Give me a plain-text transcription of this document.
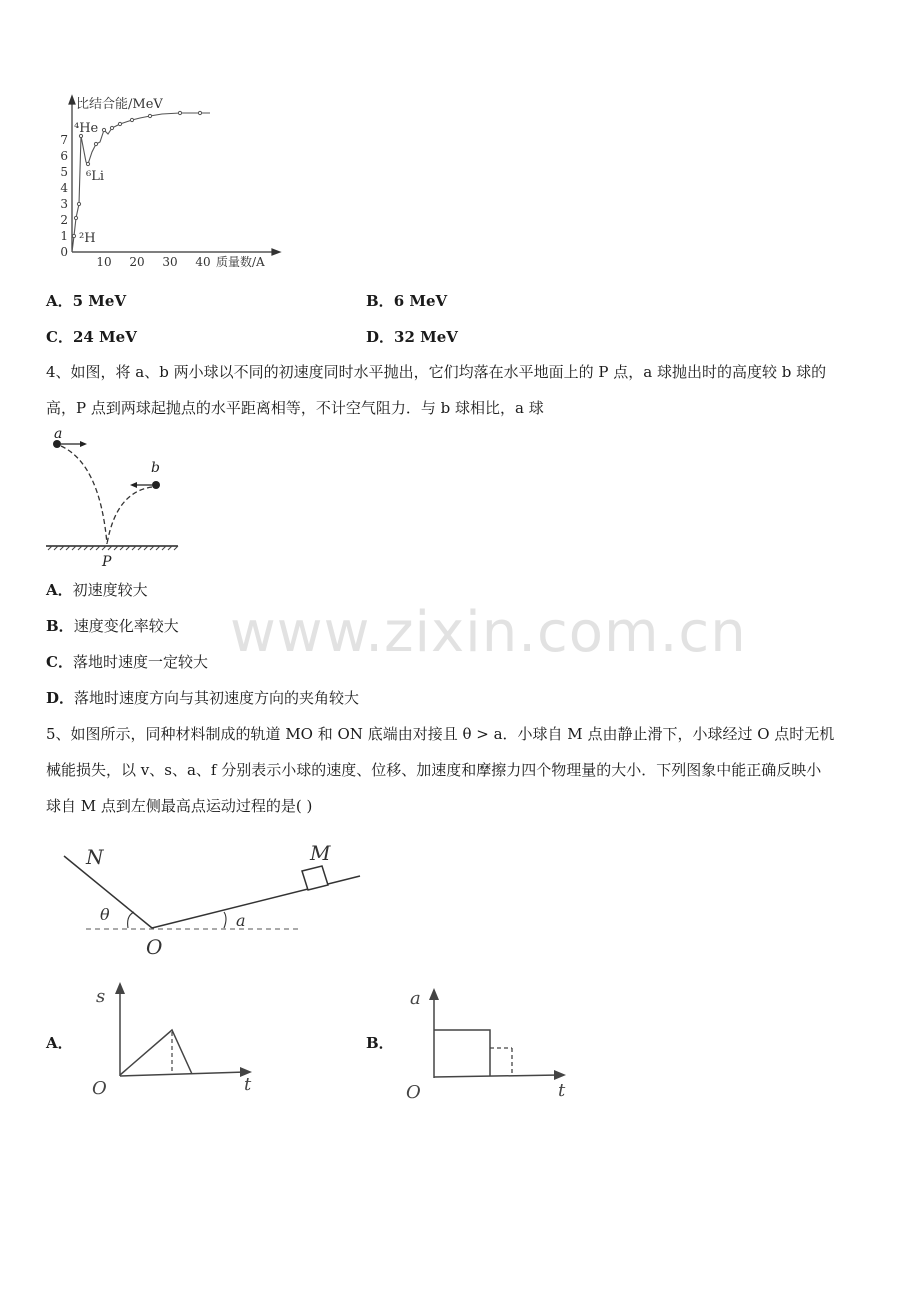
比结合能/MeV
质量数/A
0
1
2
3
4
5
6
7
10 20 30 40
⁴He
⁶Li
²H
A．5 MeV	B．6 MeV
C．24 MeV	D．32 MeV
4、如图，将 a、b 两小球以不同的初速度同时水平抛出，它们均落在水平地面上的 P 点，a 球抛出时的高度较 b 球的
高，P 点到两球起抛点的水平距离相等，不计空气阻力．与 b 球相比，a 球
a
b
P
A．初速度较大
B．速度变化率较大
C．落地时速度一定较大
D．落地时速度方向与其初速度方向的夹角较大
5、如图所示，同种材料制成的轨道 MO 和 ON 底端由对接且 θ > a．小球自 M 点由静止滑下，小球经过 O 点时无机
械能损失，以 v、s、a、f 分别表示小球的速度、位移、加速度和摩擦力四个物理量的大小．下列图象中能正确反映小
球自 M 点到左侧最高点运动过程的是( )
N	M
O
θ	a
A．
s
t
O
B．
a
t
O
www.zixin.com.cn
